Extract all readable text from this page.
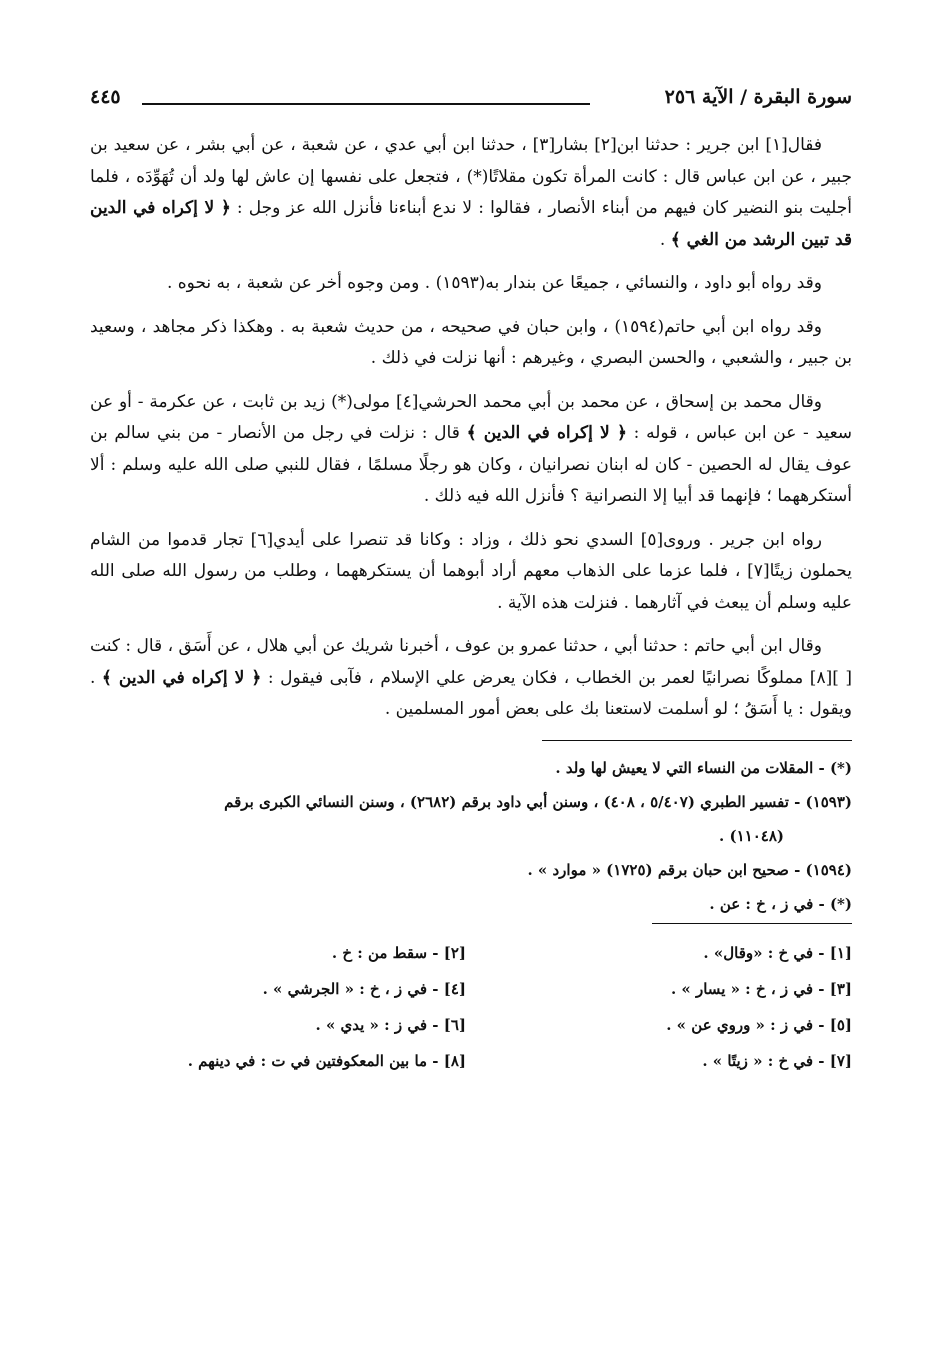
سورة البقرة / الآية ٢٥٦
٤٤٥

فقال[١] ابن جرير : حدثنا ابن[٢] بشار[٣] ، حدثنا ابن أبي عدي ، عن شعبة ، عن أبي بشر ، عن سعيد بن جبير ، عن ابن عباس قال : كانت المرأة تكون مقلاتًا(*) ، فتجعل على نفسها إن عاش لها ولد أن تُهَوِّدَه ، فلما أجليت بنو النضير كان فيهم من أبناء الأنصار ، فقالوا : لا ندع أبناءنا فأنزل الله عز وجل : ﴿ لا إكراه في الدين قد تبين الرشد من الغي ﴾ .

وقد رواه أبو داود ، والنسائي ، جميعًا عن بندار به(١٥٩٣) . ومن وجوه أخر عن شعبة ، به نحوه .

وقد رواه ابن أبي حاتم(١٥٩٤) ، وابن حبان في صحيحه ، من حديث شعبة به . وهكذا ذكر مجاهد ، وسعيد بن جبير ، والشعبي ، والحسن البصري ، وغيرهم : أنها نزلت في ذلك .

وقال محمد بن إسحاق ، عن محمد بن أبي محمد الحرشي[٤] مولى(*) زيد بن ثابت ، عن عكرمة - أو عن سعيد - عن ابن عباس ، قوله : ﴿ لا إكراه في الدين ﴾ قال : نزلت في رجل من الأنصار - من بني سالم بن عوف يقال له الحصين - كان له ابنان نصرانيان ، وكان هو رجلًا مسلمًا ، فقال للنبي صلى الله عليه وسلم : ألا أستكرههما ؛ فإنهما قد أبيا إلا النصرانية ؟ فأنزل الله فيه ذلك .

رواه ابن جرير . وروى[٥] السدي نحو ذلك ، وزاد : وكانا قد تنصرا على أيدي[٦] تجار قدموا من الشام يحملون زيتًا[٧] ، فلما عزما على الذهاب معهم أراد أبوهما أن يستكرههما ، وطلب من رسول الله صلى الله عليه وسلم أن يبعث في آثارهما . فنزلت هذه الآية .

وقال ابن أبي حاتم : حدثنا أبي ، حدثنا عمرو بن عوف ، أخبرنا شريك عن أبي هلال ، عن أَسَق ، قال : كنت [ ][٨] مملوكًا نصرانيًا لعمر بن الخطاب ، فكان يعرض علي الإسلام ، فآبى فيقول : ﴿ لا إكراه في الدين ﴾ . ويقول : يا أَسَقُ ؛ لو أسلمت لاستعنا بك على بعض أمور المسلمين .

(*) - المقلات من النساء التي لا يعيش لها ولد .

(١٥٩٣) - تفسير الطبري (٥/٤٠٧ ، ٤٠٨) ، وسنن أبي داود برقم (٢٦٨٢) ، وسنن النسائي الكبرى برقم

(١١٠٤٨) .

(١٥٩٤) - صحيح ابن حبان برقم (١٧٢٥) « موارد » .

(*) - في ز ، خ : عن .

[١] - في خ : «وقال» .
[٢] - سقط من : خ .
[٣] - في ز ، خ : « يسار » .
[٤] - في ز ، خ : « الجرشي » .
[٥] - في ز : « وروي عن » .
[٦] - في ز : « يدي » .
[٧] - في خ : « زيتًا » .
[٨] - ما بين المعكوفتين في ت : في دينهم .
